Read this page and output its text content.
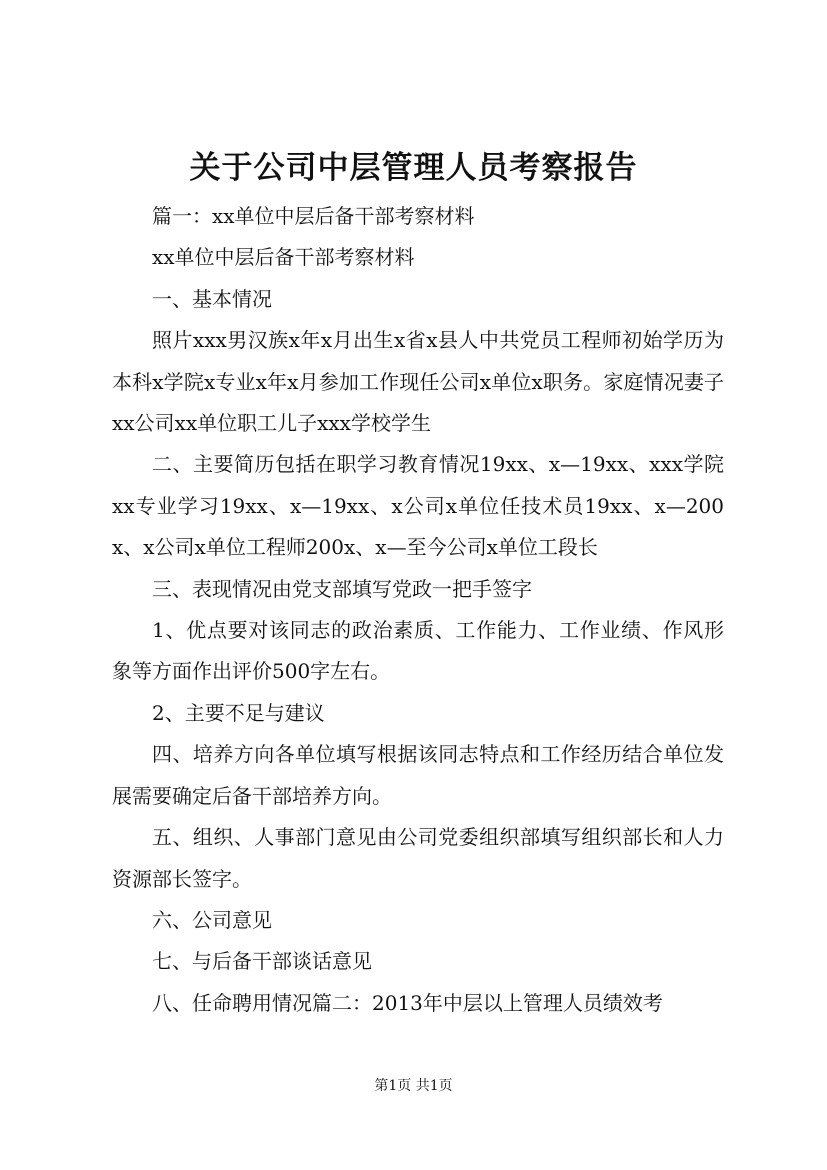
关于公司中层管理人员考察报告

篇一：xx单位中层后备干部考察材料

xx单位中层后备干部考察材料

一、基本情况

照片xxx男汉族x年x月出生x省x县人中共党员工程师初始学历为本科x学院x专业x年x月参加工作现任公司x单位x职务。家庭情况妻子xx公司xx单位职工儿子xxx学校学生

二、主要简历包括在职学习教育情况19xx、x—19xx、xxx学院xx专业学习19xx、x—19xx、x公司x单位任技术员19xx、x—200x、x公司x单位工程师200x、x—至今公司x单位工段长

三、表现情况由党支部填写党政一把手签字

1、优点要对该同志的政治素质、工作能力、工作业绩、作风形象等方面作出评价500字左右。

2、主要不足与建议

四、培养方向各单位填写根据该同志特点和工作经历结合单位发展需要确定后备干部培养方向。

五、组织、人事部门意见由公司党委组织部填写组织部长和人力资源部长签字。

六、公司意见

七、与后备干部谈话意见

八、任命聘用情况篇二：2013年中层以上管理人员绩效考

第1页 共1页
